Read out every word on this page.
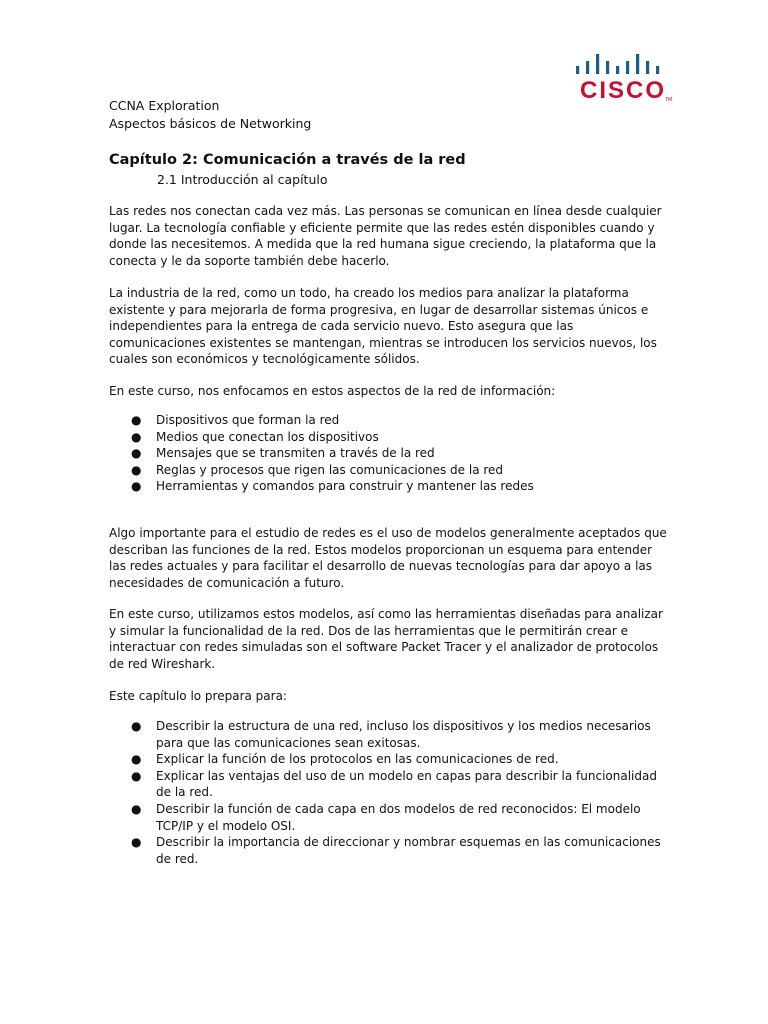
CISCO
TM
CCNA Exploration
Aspectos básicos de Networking
Capítulo 2: Comunicación a través de la red
2.1 Introducción al capítulo

Las redes nos conectan cada vez más. Las personas se comunican en línea desde cualquier lugar. La tecnología confiable y eficiente permite que las redes estén disponibles cuando y donde las necesitemos. A medida que la red humana sigue creciendo, la plataforma que la conecta y le da soporte también debe hacerlo.

La industria de la red, como un todo, ha creado los medios para analizar la plataforma existente y para mejorarla de forma progresiva, en lugar de desarrollar sistemas únicos e independientes para la entrega de cada servicio nuevo. Esto asegura que las comunicaciones existentes se mantengan, mientras se introducen los servicios nuevos, los cuales son económicos y tecnológicamente sólidos.

En este curso, nos enfocamos en estos aspectos de la red de información:

● Dispositivos que forman la red
● Medios que conectan los dispositivos
● Mensajes que se transmiten a través de la red
● Reglas y procesos que rigen las comunicaciones de la red
● Herramientas y comandos para construir y mantener las redes

Algo importante para el estudio de redes es el uso de modelos generalmente aceptados que describan las funciones de la red. Estos modelos proporcionan un esquema para entender las redes actuales y para facilitar el desarrollo de nuevas tecnologías para dar apoyo a las necesidades de comunicación a futuro.

En este curso, utilizamos estos modelos, así como las herramientas diseñadas para analizar y simular la funcionalidad de la red. Dos de las herramientas que le permitirán crear e interactuar con redes simuladas son el software Packet Tracer y el analizador de protocolos de red Wireshark.

Este capítulo lo prepara para:

● Describir la estructura de una red, incluso los dispositivos y los medios necesarios para que las comunicaciones sean exitosas.
● Explicar la función de los protocolos en las comunicaciones de red.
● Explicar las ventajas del uso de un modelo en capas para describir la funcionalidad de la red.
● Describir la función de cada capa en dos modelos de red reconocidos: El modelo TCP/IP y el modelo OSI.
● Describir la importancia de direccionar y nombrar esquemas en las comunicaciones de red.
